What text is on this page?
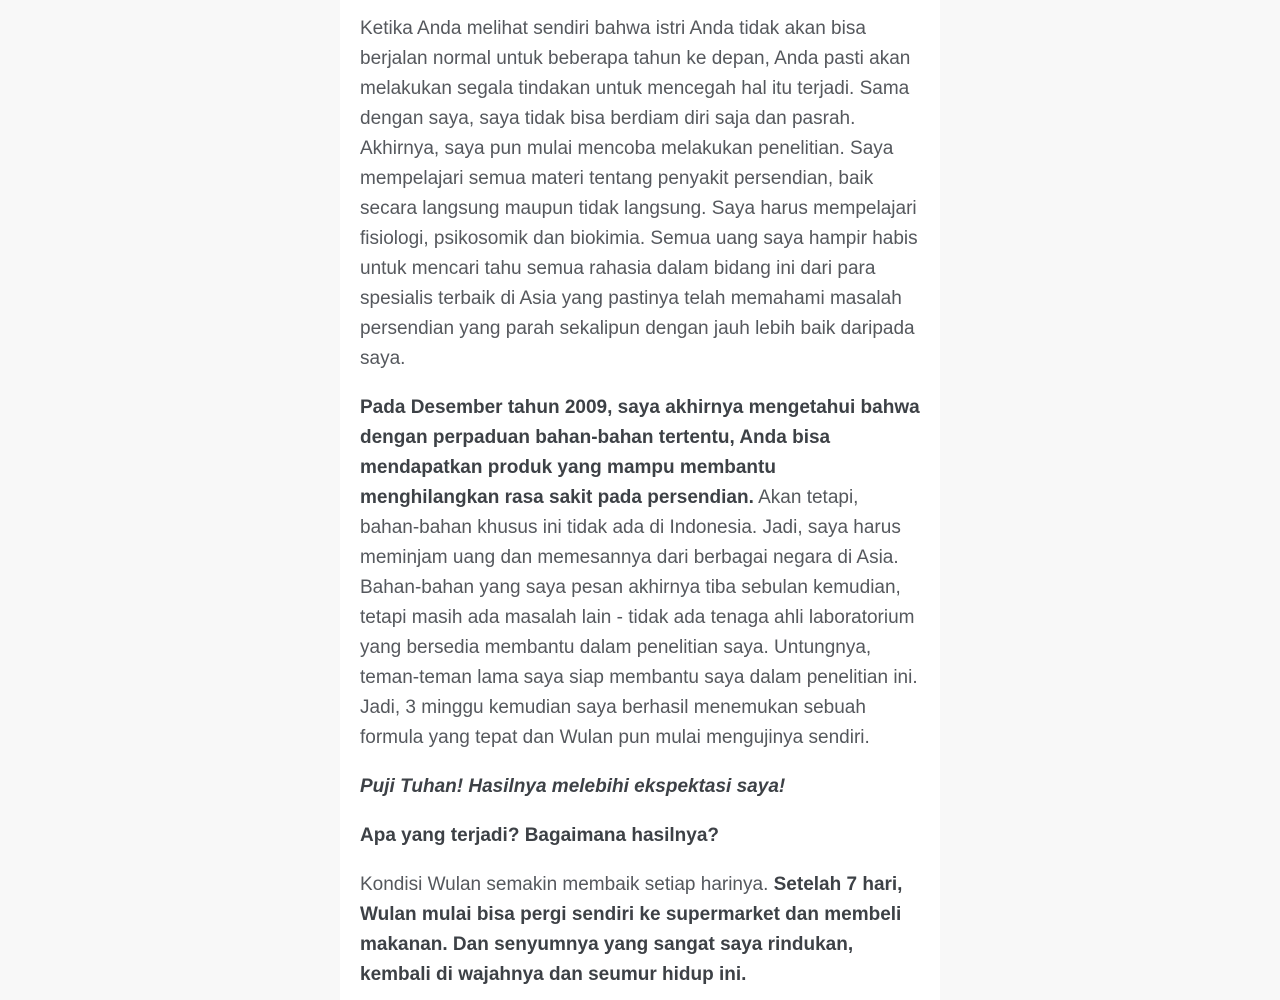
Ketika Anda melihat sendiri bahwa istri Anda tidak akan bisa berjalan normal untuk beberapa tahun ke depan, Anda pasti akan melakukan segala tindakan untuk mencegah hal itu terjadi. Sama dengan saya, saya tidak bisa berdiam diri saja dan pasrah. Akhirnya, saya pun mulai mencoba melakukan penelitian. Saya mempelajari semua materi tentang penyakit persendian, baik secara langsung maupun tidak langsung. Saya harus mempelajari fisiologi, psikosomik dan biokimia. Semua uang saya hampir habis untuk mencari tahu semua rahasia dalam bidang ini dari para spesialis terbaik di Asia yang pastinya telah memahami masalah persendian yang parah sekalipun dengan jauh lebih baik daripada saya.

Pada Desember tahun 2009, saya akhirnya mengetahui bahwa dengan perpaduan bahan-bahan tertentu, Anda bisa mendapatkan produk yang mampu membantu menghilangkan rasa sakit pada persendian. Akan tetapi, bahan-bahan khusus ini tidak ada di Indonesia. Jadi, saya harus meminjam uang dan memesannya dari berbagai negara di Asia. Bahan-bahan yang saya pesan akhirnya tiba sebulan kemudian, tetapi masih ada masalah lain - tidak ada tenaga ahli laboratorium yang bersedia membantu dalam penelitian saya. Untungnya, teman-teman lama saya siap membantu saya dalam penelitian ini. Jadi, 3 minggu kemudian saya berhasil menemukan sebuah formula yang tepat dan Wulan pun mulai mengujinya sendiri.

Puji Tuhan! Hasilnya melebihi ekspektasi saya!

Apa yang terjadi? Bagaimana hasilnya?

Kondisi Wulan semakin membaik setiap harinya. Setelah 7 hari, Wulan mulai bisa pergi sendiri ke supermarket dan membeli makanan. Dan senyumnya yang sangat saya rindukan, kembali di wajahnya dan seumur hidup ini.
